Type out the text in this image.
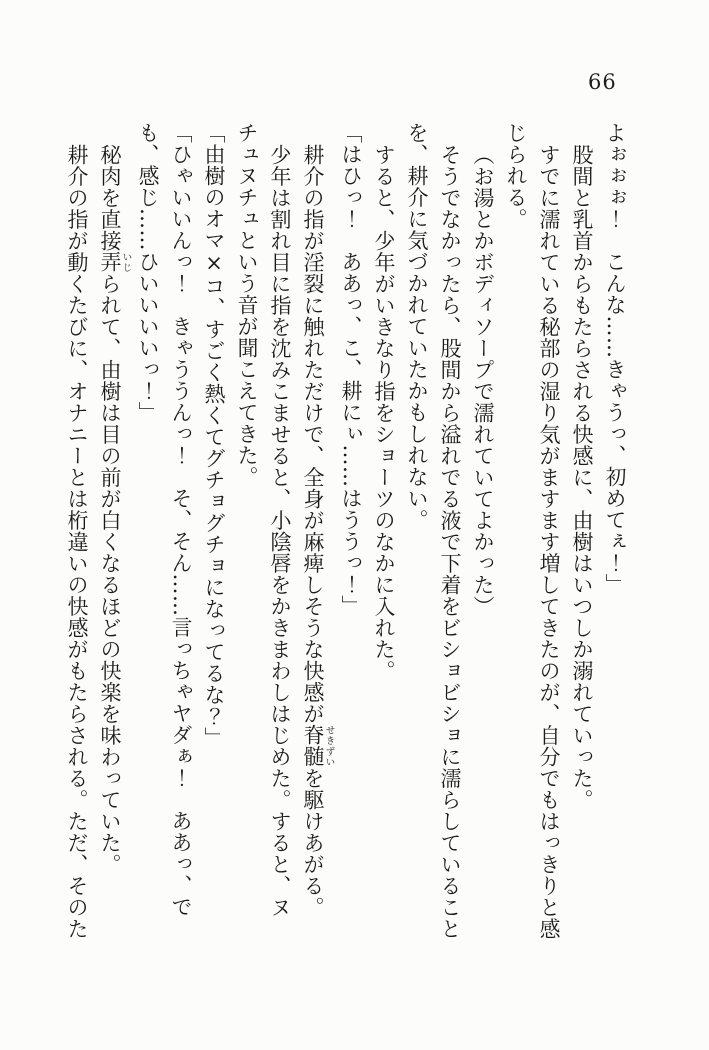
66

よぉぉぉ！　こんな……きゃうっ、初めてぇ！」

股間と乳首からもたらされる快感に、由樹はいつしか溺れていった。

すでに濡れている秘部の湿り気がますます増してきたのが、自分でもはっきりと感じられる。

（お湯とかボディソープで濡れていてよかった）

そうでなかったら、股間から溢れでる液で下着をビショビショに濡らしていることを、耕介に気づかれていたかもしれない。

すると、少年がいきなり指をショーツのなかに入れた。

「はひっ！　ああっ、こ、耕にぃ……はううっ！」

耕介の指が淫裂に触れただけで、全身が麻痺しそうな快感が脊髄せきずいを駆けあがる。

少年は割れ目に指を沈みこませると、小陰唇をかきまわしはじめた。すると、ヌチュヌチュという音が聞こえてきた。

「由樹のオマ×コ、すごく熱くてグチョグチョになってるな？」

「ひゃいいんっ！　きゃううんっ！　そ、そん……言っちゃヤダぁ！　ああっ、でも、感じ……ひいいいいっ！」

秘肉を直接弄いじられて、由樹は目の前が白くなるほどの快楽を味わっていた。

耕介の指が動くたびに、オナニーとは桁違いの快感がもたらされる。ただ、そのた
